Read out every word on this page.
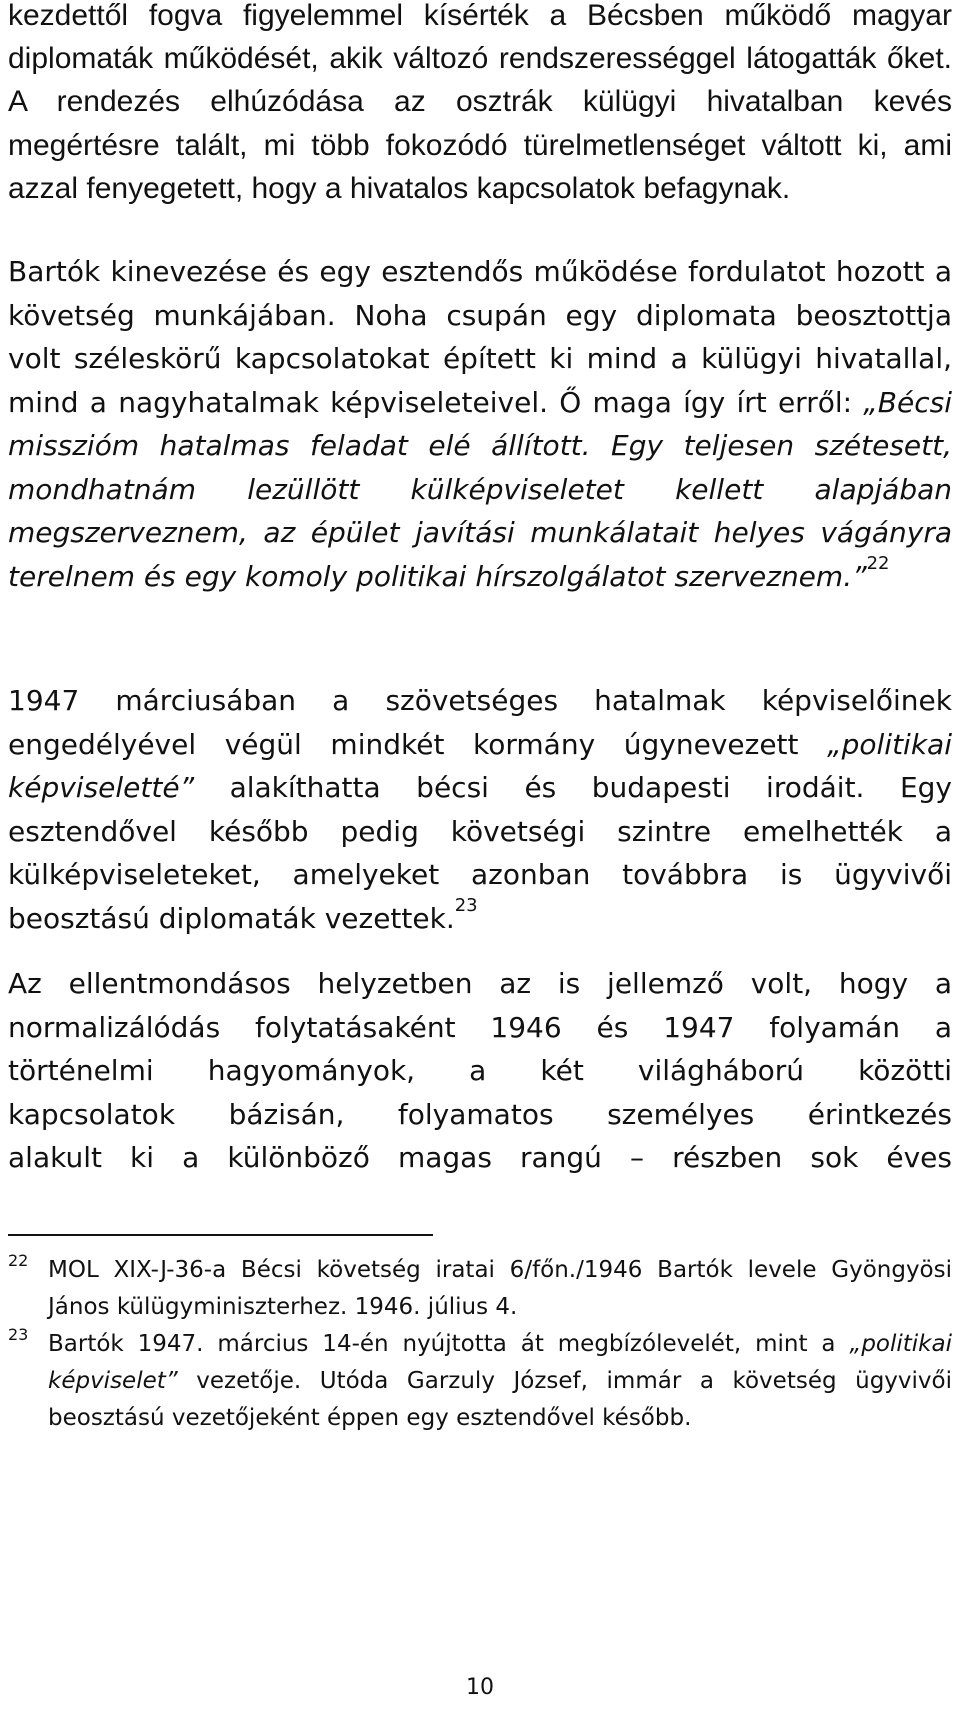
kezdettől fogva figyelemmel kísérték a Bécsben működő magyar diplomaták működését, akik változó rendszerességgel látogatták őket. A rendezés elhúzódása az osztrák külügyi hivatalban kevés megértésre talált, mi több fokozódó türelmetlenséget váltott ki, ami azzal fenyegetett, hogy a hivatalos kapcsolatok befagynak.

Bartók kinevezése és egy esztendős működése fordulatot hozott a követség munkájában. Noha csupán egy diplomata beosztottja volt széleskörű kapcsolatokat épített ki mind a külügyi hivatallal, mind a nagyhatalmak képviseleteivel. Ő maga így írt erről: „Bécsi misszióm hatalmas feladat elé állított. Egy teljesen szétesett, mondhatnám lezüllött külképviseletet kellett alapjában megszerveznem, az épület javítási munkálatait helyes vágányra terelnem és egy komoly politikai hírszolgálatot szerveznem.”$^{22}$

1947 márciusában a szövetséges hatalmak képviselőinek engedélyével végül mindkét kormány úgynevezett „politikai képviseletté” alakíthatta bécsi és budapesti irodáit. Egy esztendővel később pedig követségi szintre emelhették a külképviseleteket, amelyeket azonban továbbra is ügyvivői beosztású diplomaták vezettek.$^{23}$

Az ellentmondásos helyzetben az is jellemző volt, hogy a
normalizálódás folytatásaként 1946 és 1947 folyamán a
történelmi hagyományok, a két világháború közötti
kapcsolatok bázisán, folyamatos személyes érintkezés
alakult ki a különböző magas rangú – részben sok éves

22 MOL XIX-J-36-a Bécsi követség iratai 6/főn./1946 Bartók levele Gyöngyösi János külügyminiszterhez. 1946. július 4.

23 Bartók 1947. március 14-én nyújtotta át megbízólevelét, mint a „politikai képviselet” vezetője. Utóda Garzuly József, immár a követség ügyvivői beosztású vezetőjeként éppen egy esztendővel később.

10
